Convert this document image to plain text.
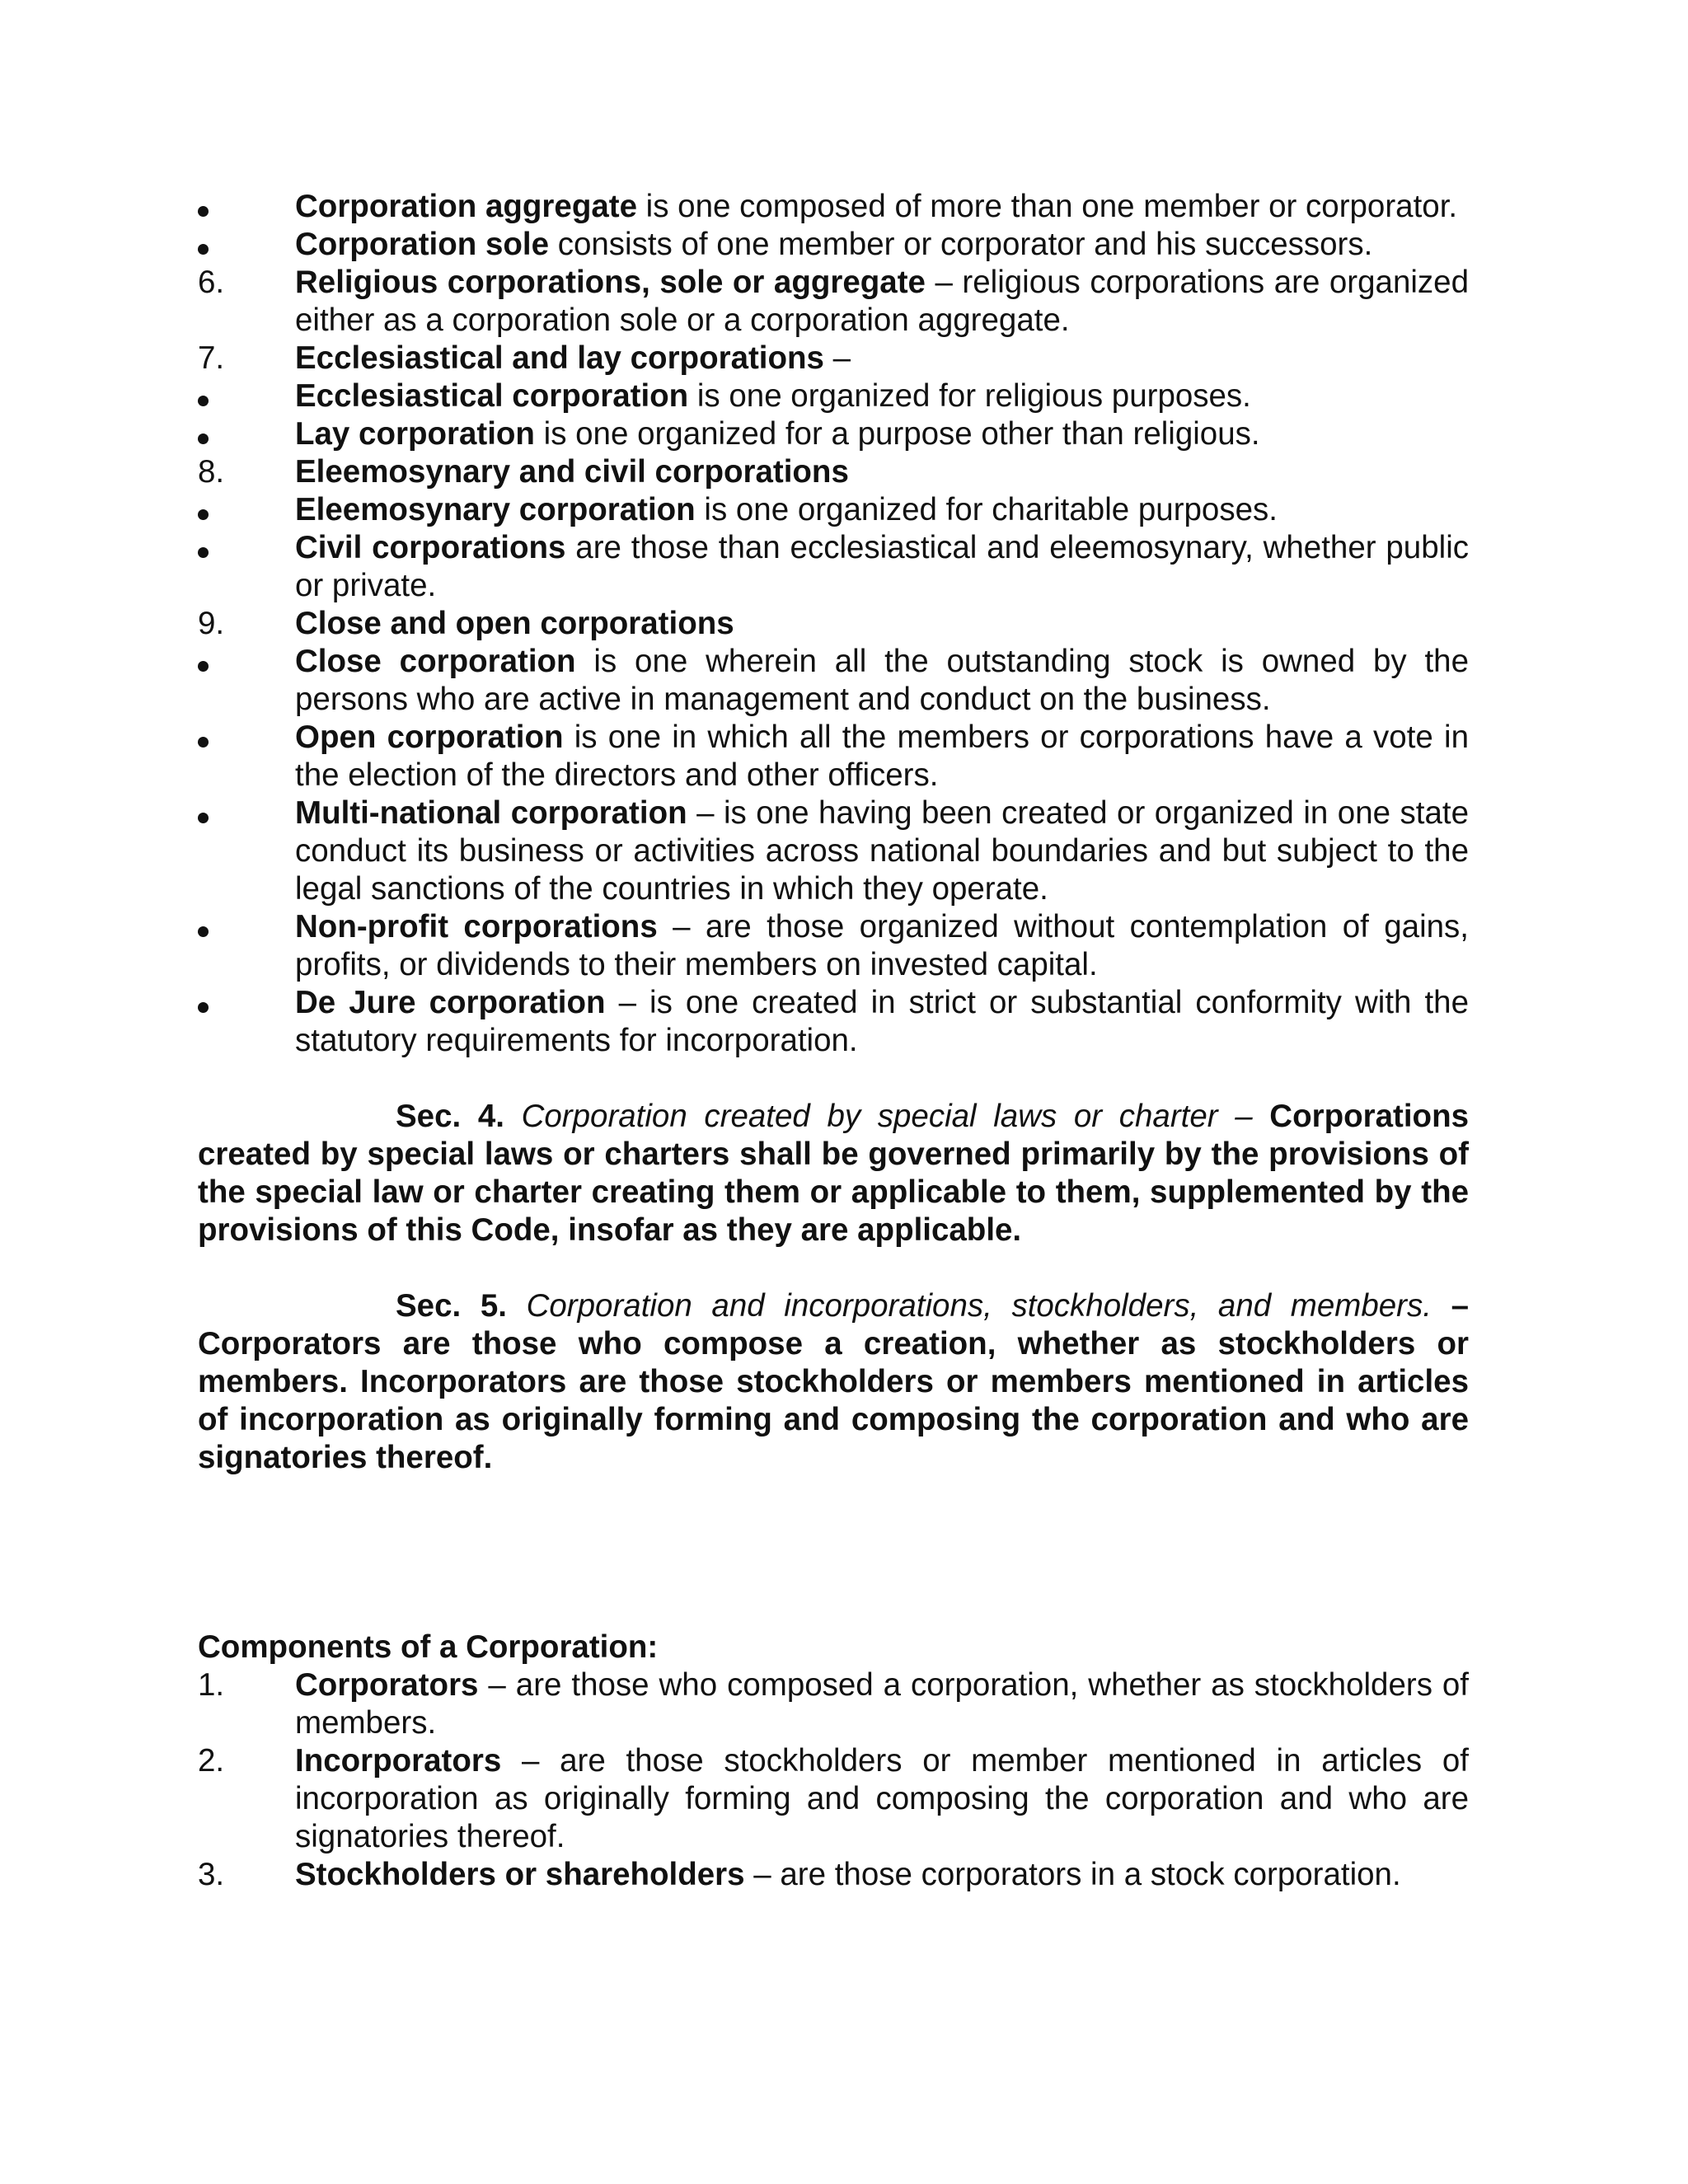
Corporation aggregate is one composed of more than one member or corporator.
Corporation sole consists of one member or corporator and his successors.
6.	Religious corporations, sole or aggregate – religious corporations are organized either as a corporation sole or a corporation aggregate.
7.	Ecclesiastical and lay corporations –
Ecclesiastical corporation is one organized for religious purposes.
Lay corporation is one organized for a purpose other than religious.
8.	Eleemosynary and civil corporations
Eleemosynary corporation is one organized for charitable purposes.
Civil corporations are those than ecclesiastical and eleemosynary, whether public or private.
9.	Close and open corporations
Close corporation is one wherein all the outstanding stock is owned by the persons who are active in management and conduct on the business.
Open corporation is one in which all the members or corporations have a vote in the election of the directors and other officers.
Multi-national corporation – is one having been created or organized in one state conduct its business or activities across national boundaries and but subject to the legal sanctions of the countries in which they operate.
Non-profit corporations – are those organized without contemplation of gains, profits, or dividends to their members on invested capital.
De Jure corporation – is one created in strict or substantial conformity with the statutory requirements for incorporation.

Sec. 4. Corporation created by special laws or charter – Corporations created by special laws or charters shall be governed primarily by the provisions of the special law or charter creating them or applicable to them, supplemented by the provisions of this Code, insofar as they are applicable.

Sec. 5. Corporation and incorporations, stockholders, and members. – Corporators are those who compose a creation, whether as stockholders or members. Incorporators are those stockholders or members mentioned in articles of incorporation as originally forming and composing the corporation and who are signatories thereof.

Components of a Corporation:
1.	Corporators – are those who composed a corporation, whether as stockholders of members.
2.	Incorporators – are those stockholders or member mentioned in articles of incorporation as originally forming and composing the corporation and who are signatories thereof.
3.	Stockholders or shareholders – are those corporators in a stock corporation.
